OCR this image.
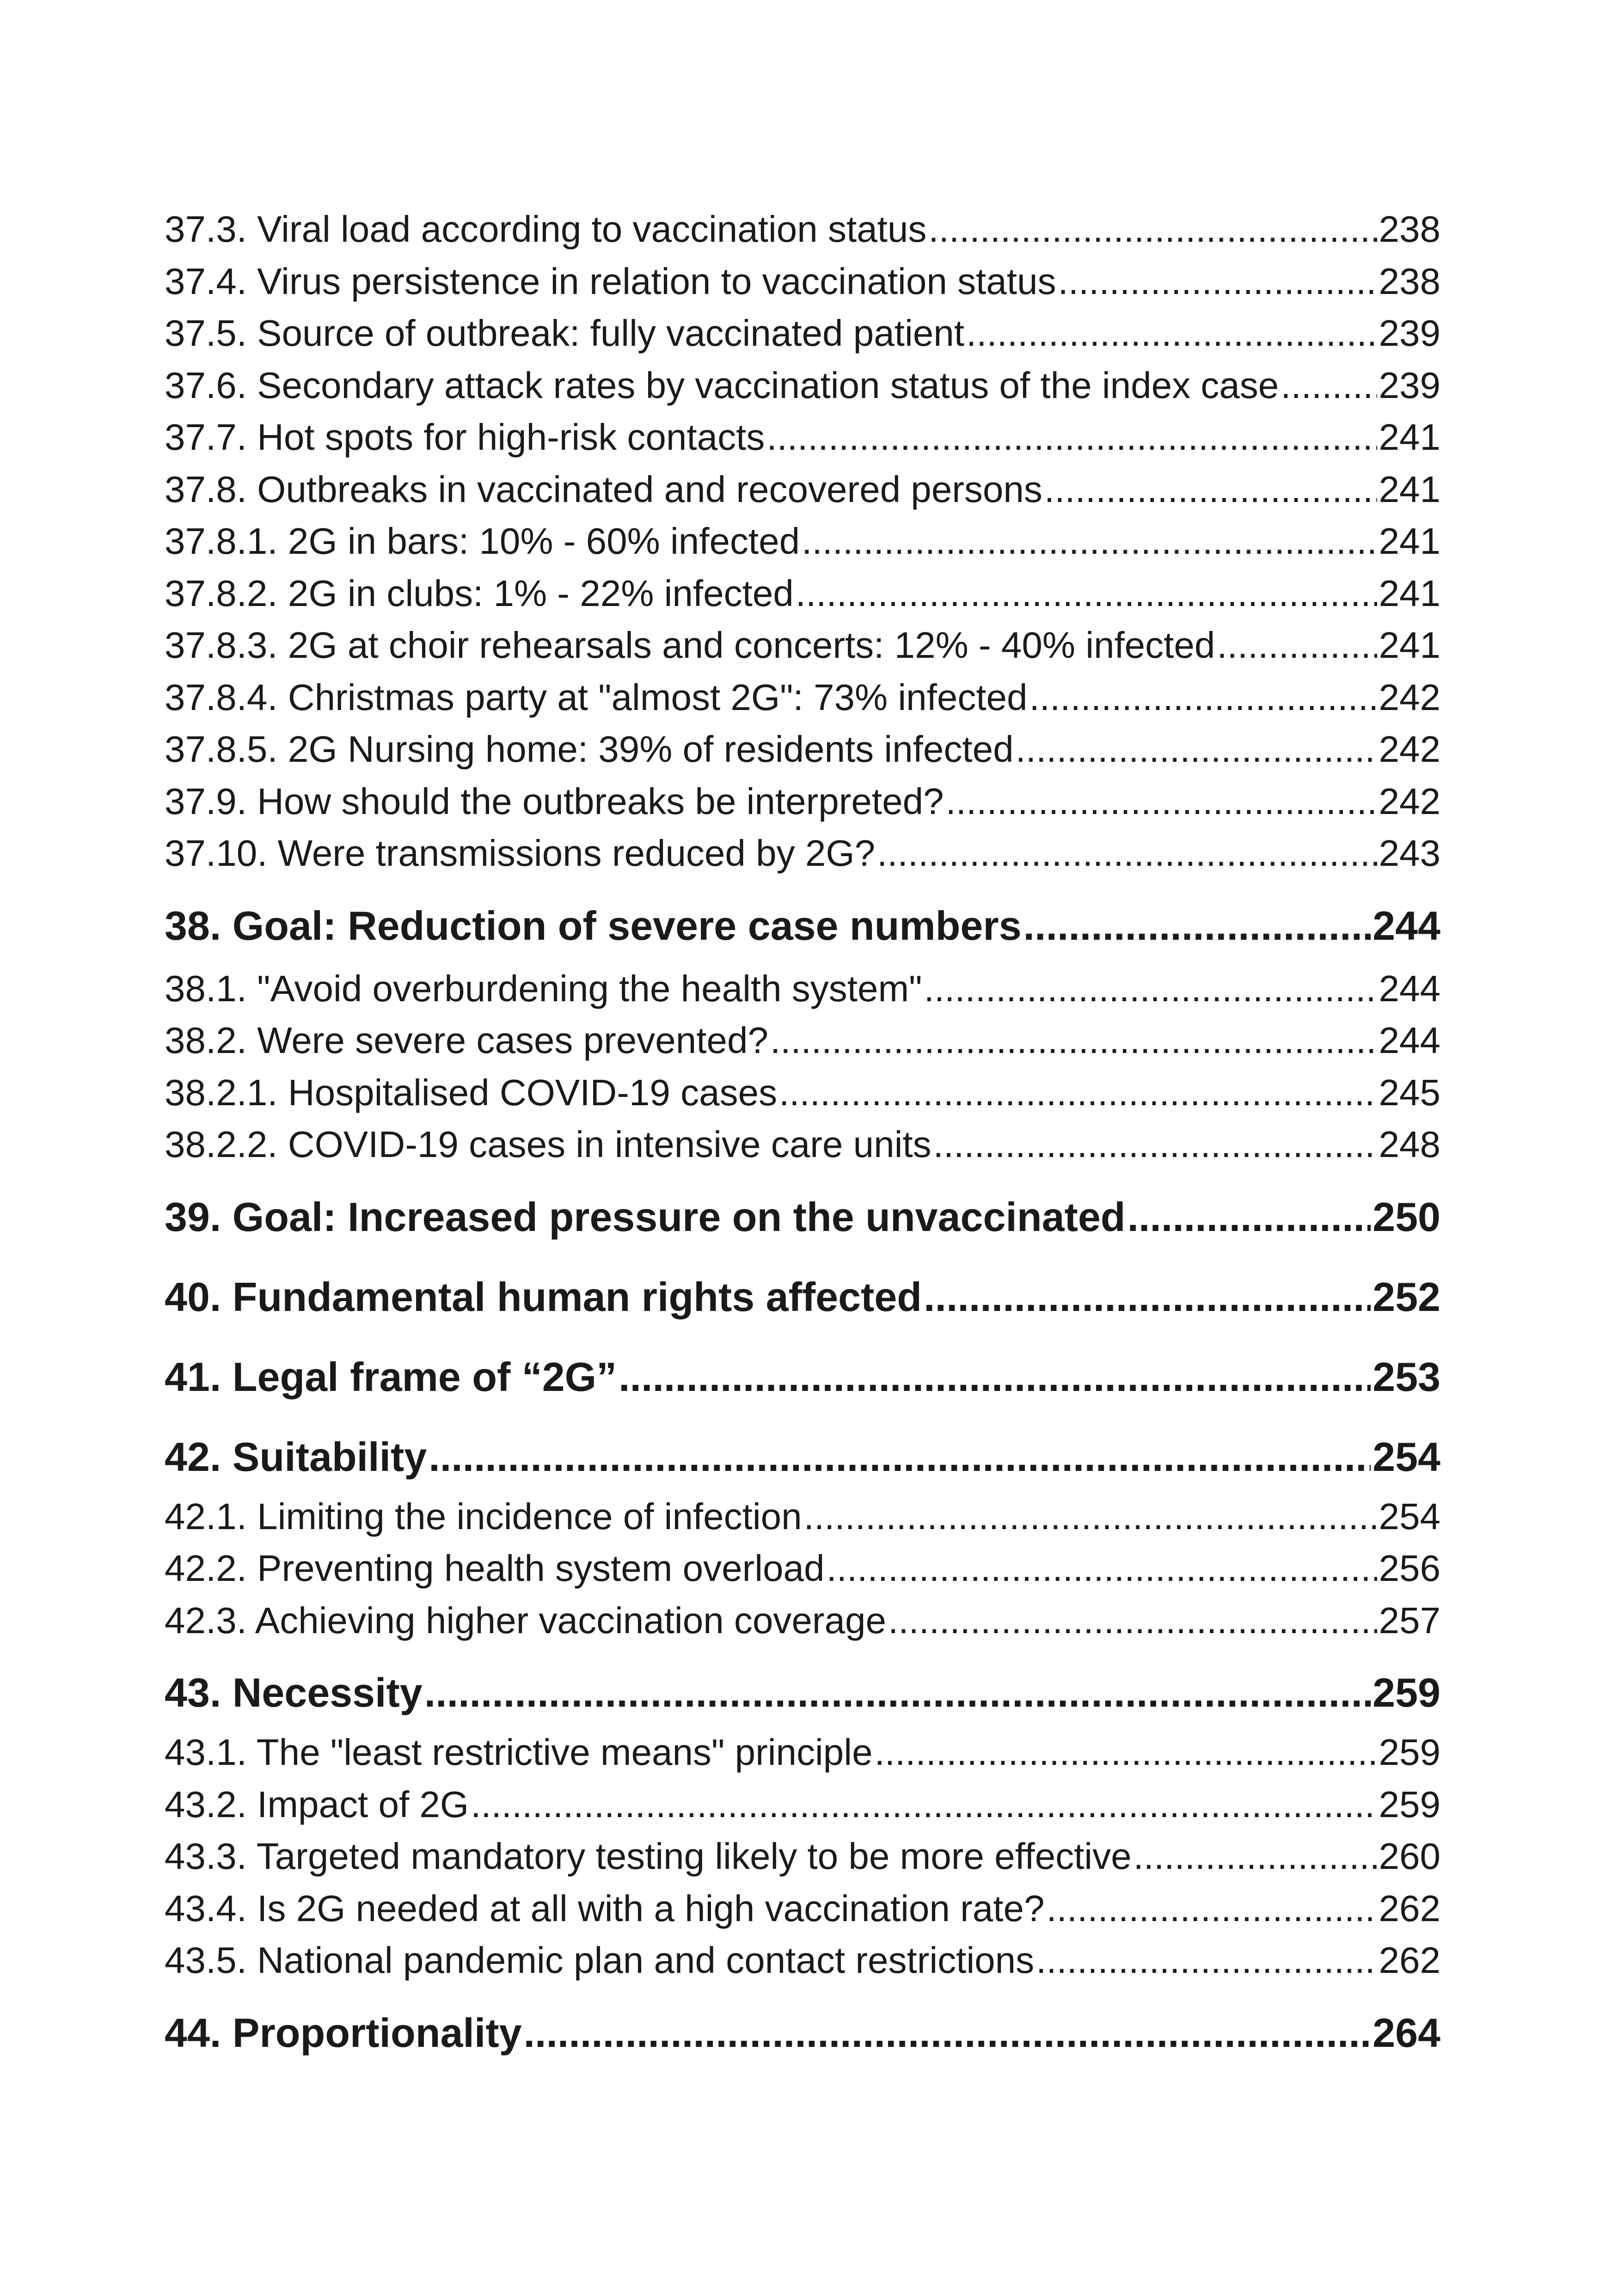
37.3. Viral load according to vaccination status .....	238
37.4. Virus persistence in relation to vaccination status .....	238
37.5. Source of outbreak: fully vaccinated patient .....	239
37.6. Secondary attack rates by vaccination status of the index case .....	239
37.7. Hot spots for high-risk contacts .....	241
37.8. Outbreaks in vaccinated and recovered persons .....	241
37.8.1. 2G in bars: 10% - 60% infected .....	241
37.8.2. 2G in clubs: 1% - 22% infected .....	241
37.8.3. 2G at choir rehearsals and concerts: 12% - 40% infected .....	241
37.8.4. Christmas party at "almost 2G": 73% infected .....	242
37.8.5. 2G Nursing home: 39% of residents infected .....	242
37.9. How should the outbreaks be interpreted? .....	242
37.10. Were transmissions reduced by 2G? .....	243
38. Goal: Reduction of severe case numbers .....	244
38.1. "Avoid overburdening the health system" .....	244
38.2. Were severe cases prevented? .....	244
38.2.1. Hospitalised COVID-19 cases .....	245
38.2.2. COVID-19 cases in intensive care units .....	248
39. Goal: Increased pressure on the unvaccinated .....	250
40. Fundamental human rights affected .....	252
41. Legal frame of “2G” .....	253
42. Suitability .....	254
42.1. Limiting the incidence of infection .....	254
42.2. Preventing health system overload .....	256
42.3. Achieving higher vaccination coverage .....	257
43. Necessity .....	259
43.1. The "least restrictive means" principle .....	259
43.2. Impact of 2G .....	259
43.3. Targeted mandatory testing likely to be more effective .....	260
43.4. Is 2G needed at all with a high vaccination rate? .....	262
43.5. National pandemic plan and contact restrictions .....	262
44. Proportionality .....	264
